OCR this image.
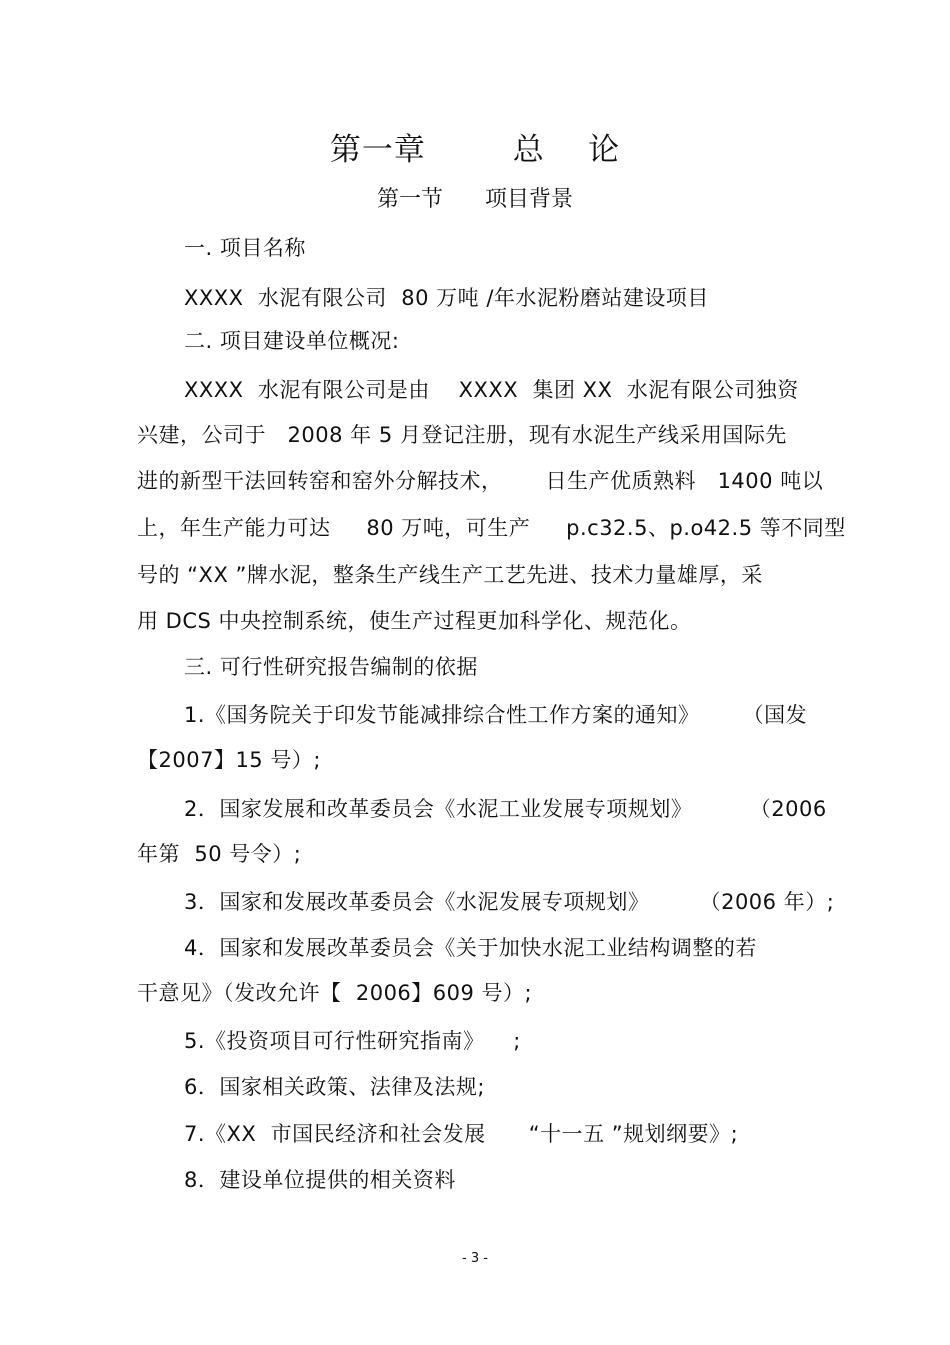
第一章        总    论
第一节      项目背景
一. 项目名称
XXXX  水泥有限公司  80 万吨 /年水泥粉磨站建设项目
二. 项目建设单位概况:
XXXX  水泥有限公司是由    XXXX  集团 XX  水泥有限公司独资
兴建，公司于   2008 年 5 月登记注册，现有水泥生产线采用国际先
进的新型干法回转窑和窑外分解技术，      日生产优质熟料   1400 吨以
上，年生产能力可达     80 万吨，可生产     p.c32.5、p.o42.5 等不同型
号的 “XX ”牌水泥，整条生产线生产工艺先进、技术力量雄厚，采
用 DCS 中央控制系统，使生产过程更加科学化、规范化。
三. 可行性研究报告编制的依据
1.《国务院关于印发节能减排综合性工作方案的通知》      （国发
【2007】15 号）;
2．国家发展和改革委员会《水泥工业发展专项规划》        （2006
年第  50 号令）;
3．国家和发展改革委员会《水泥发展专项规划》       （2006 年）;
4．国家和发展改革委员会《关于加快水泥工业结构调整的若
干意见》（发改允许【  2006】609 号）;
5.《投资项目可行性研究指南》    ;
6．国家相关政策、法律及法规;
7.《XX  市国民经济和社会发展      “十一五 ”规划纲要》;
8．建设单位提供的相关资料
- 3 -
